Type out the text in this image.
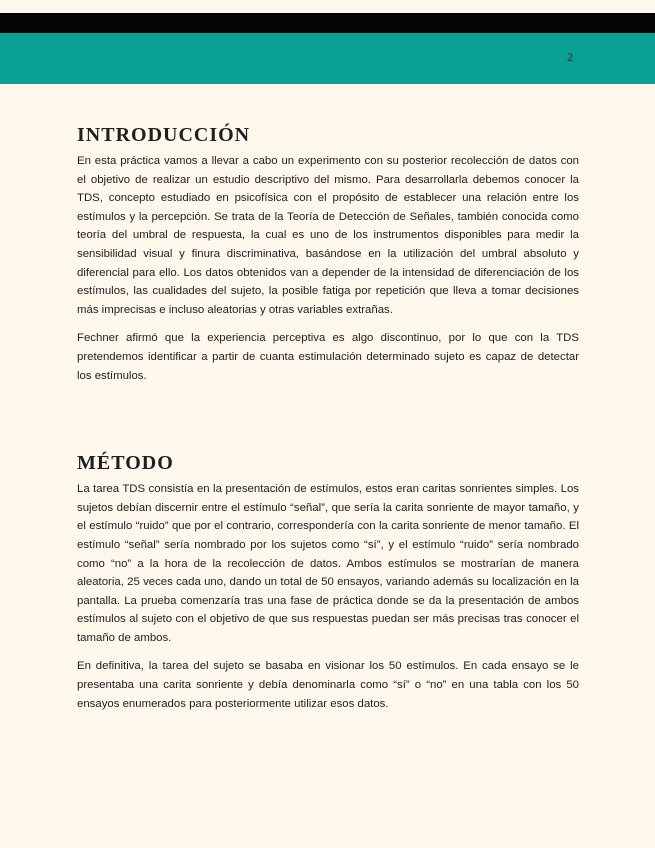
2
INTRODUCCIÓN

En esta práctica vamos a llevar a cabo un experimento con su posterior recolección de datos con el objetivo de realizar un estudio descriptivo del mismo. Para desarrollarla debemos conocer la TDS, concepto estudiado en psicofísica con el propósito de establecer una relación entre los estímulos y la percepción. Se trata de la Teoría de Detección de Señales, también conocida como teoría del umbral de respuesta, la cual es uno de los instrumentos disponibles para medir la sensibilidad visual y finura discriminativa, basándose en la utilización del umbral absoluto y diferencial para ello. Los datos obtenidos van a depender de la intensidad de diferenciación de los estímulos, las cualidades del sujeto, la posible fatiga por repetición que lleva a tomar decisiones más imprecisas e incluso aleatorias y otras variables extrañas.

Fechner afirmó que la experiencia perceptiva es algo discontinuo, por lo que con la TDS pretendemos identificar a partir de cuanta estimulación determinado sujeto es capaz de detectar los estímulos.

MÉTODO

La tarea TDS consistía en la presentación de estímulos, estos eran caritas sonrientes simples. Los sujetos debían discernir entre el estímulo “señal”, que sería la carita sonriente de mayor tamaño, y el estímulo “ruido” que por el contrario, correspondería con la carita sonriente de menor tamaño. El estímulo “señal” sería nombrado por los sujetos como “sí”, y el estímulo “ruido” sería nombrado como “no” a la hora de la recolección de datos. Ambos estímulos se mostrarían de manera aleatoria, 25 veces cada uno, dando un total de 50 ensayos, variando además su localización en la pantalla. La prueba comenzaría tras una fase de práctica donde se da la presentación de ambos estímulos al sujeto con el objetivo de que sus respuestas puedan ser más precisas tras conocer el tamaño de ambos.

En definitiva, la tarea del sujeto se basaba en visionar los 50 estímulos. En cada ensayo se le presentaba una carita sonriente y debía denominarla como “sí” o “no” en una tabla con los 50 ensayos enumerados para posteriormente utilizar esos datos.
